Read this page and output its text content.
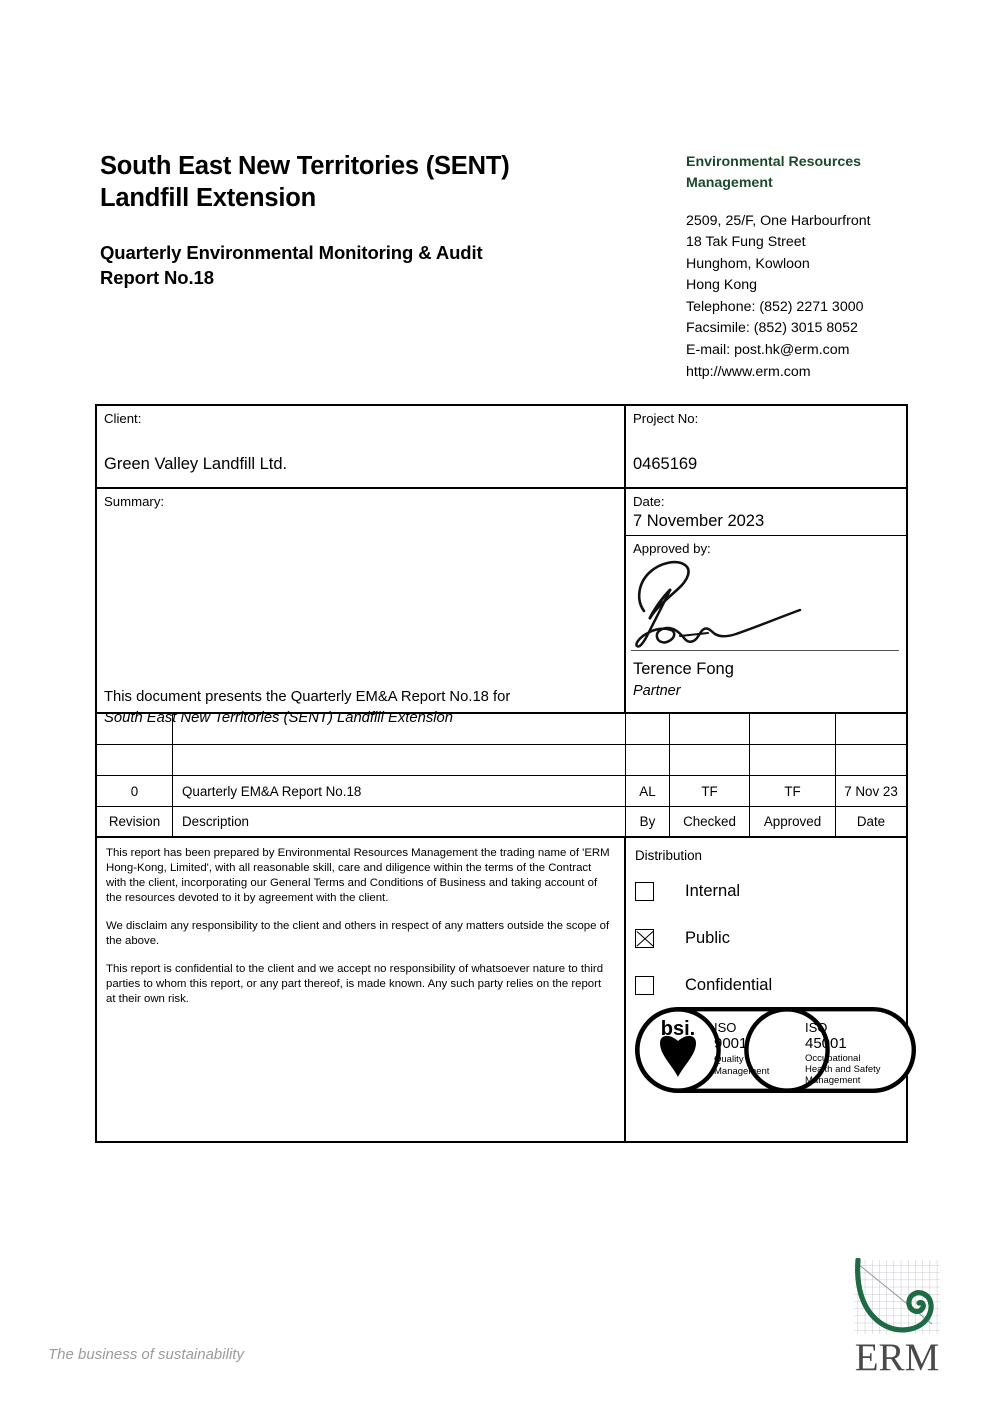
South East New Territories (SENT)
Landfill Extension
Quarterly Environmental Monitoring & Audit
Report No.18
Environmental Resources
Management
2509, 25/F, One Harbourfront
18 Tak Fung Street
Hunghom, Kowloon
Hong Kong
Telephone: (852) 2271 3000
Facsimile: (852) 3015 8052
E-mail: post.hk@erm.com
http://www.erm.com
Client:
Green Valley Landfill Ltd.
Project No:
0465169
Summary:
This document presents the Quarterly EM&A Report No.18 for
South East New Territories (SENT) Landfill Extension
Date:
7 November 2023
Approved by:
Terence Fong
Partner
0	Quarterly EM&A Report No.18	AL	TF	TF	7 Nov 23
Revision	Description	By	Checked	Approved	Date

This report has been prepared by Environmental Resources Management the trading name of 'ERM Hong-Kong, Limited', with all reasonable skill, care and diligence within the terms of the Contract with the client, incorporating our General Terms and Conditions of Business and taking account of the resources devoted to it by agreement with the client.

We disclaim any responsibility to the client and others in respect of any matters outside the scope of the above.

This report is confidential to the client and we accept no responsibility of whatsoever nature to third parties to whom this report, or any part thereof, is made known. Any such party relies on the report at their own risk.

Distribution
Internal
Public
Confidential
bsi. ISO
9001
Quality
Management
ISO
45001
Occupational
Health and Safety
Management
The business of sustainability	ERM
